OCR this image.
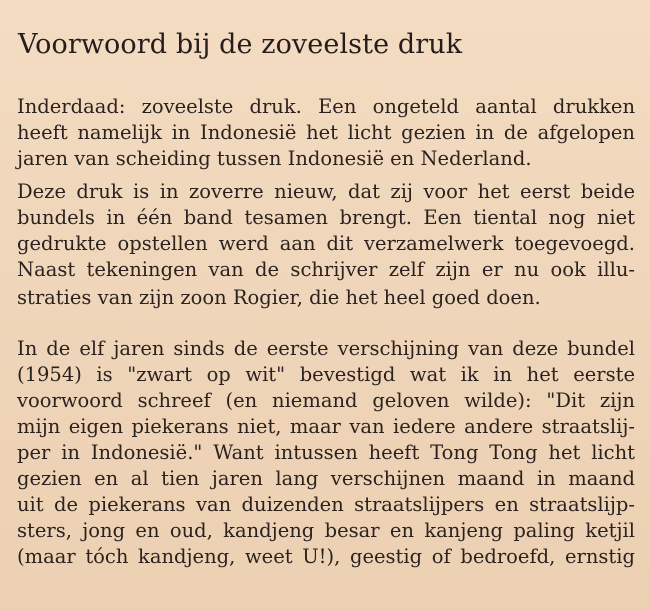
Voorwoord bij de zoveelste druk
Inderdaad: zoveelste druk. Een ongeteld aantal drukken
heeft namelijk in Indonesië het licht gezien in de afgelopen
jaren van scheiding tussen Indonesië en Nederland.
Deze druk is in zoverre nieuw, dat zij voor het eerst beide
bundels in één band tesamen brengt. Een tiental nog niet
gedrukte opstellen werd aan dit verzamelwerk toegevoegd.
Naast tekeningen van de schrijver zelf zijn er nu ook illu-
straties van zijn zoon Rogier, die het heel goed doen.
In de elf jaren sinds de eerste verschijning van deze bundel
(1954) is "zwart op wit" bevestigd wat ik in het eerste
voorwoord schreef (en niemand geloven wilde): "Dit zijn
mijn eigen piekerans niet, maar van iedere andere straatslij-
per in Indonesië." Want intussen heeft Tong Tong het licht
gezien en al tien jaren lang verschijnen maand in maand
uit de piekerans van duizenden straatslijpers en straatslijp-
sters, jong en oud, kandjeng besar en kanjeng paling ketjil
(maar tóch kandjeng, weet U!), geestig of bedroefd, ernstig
